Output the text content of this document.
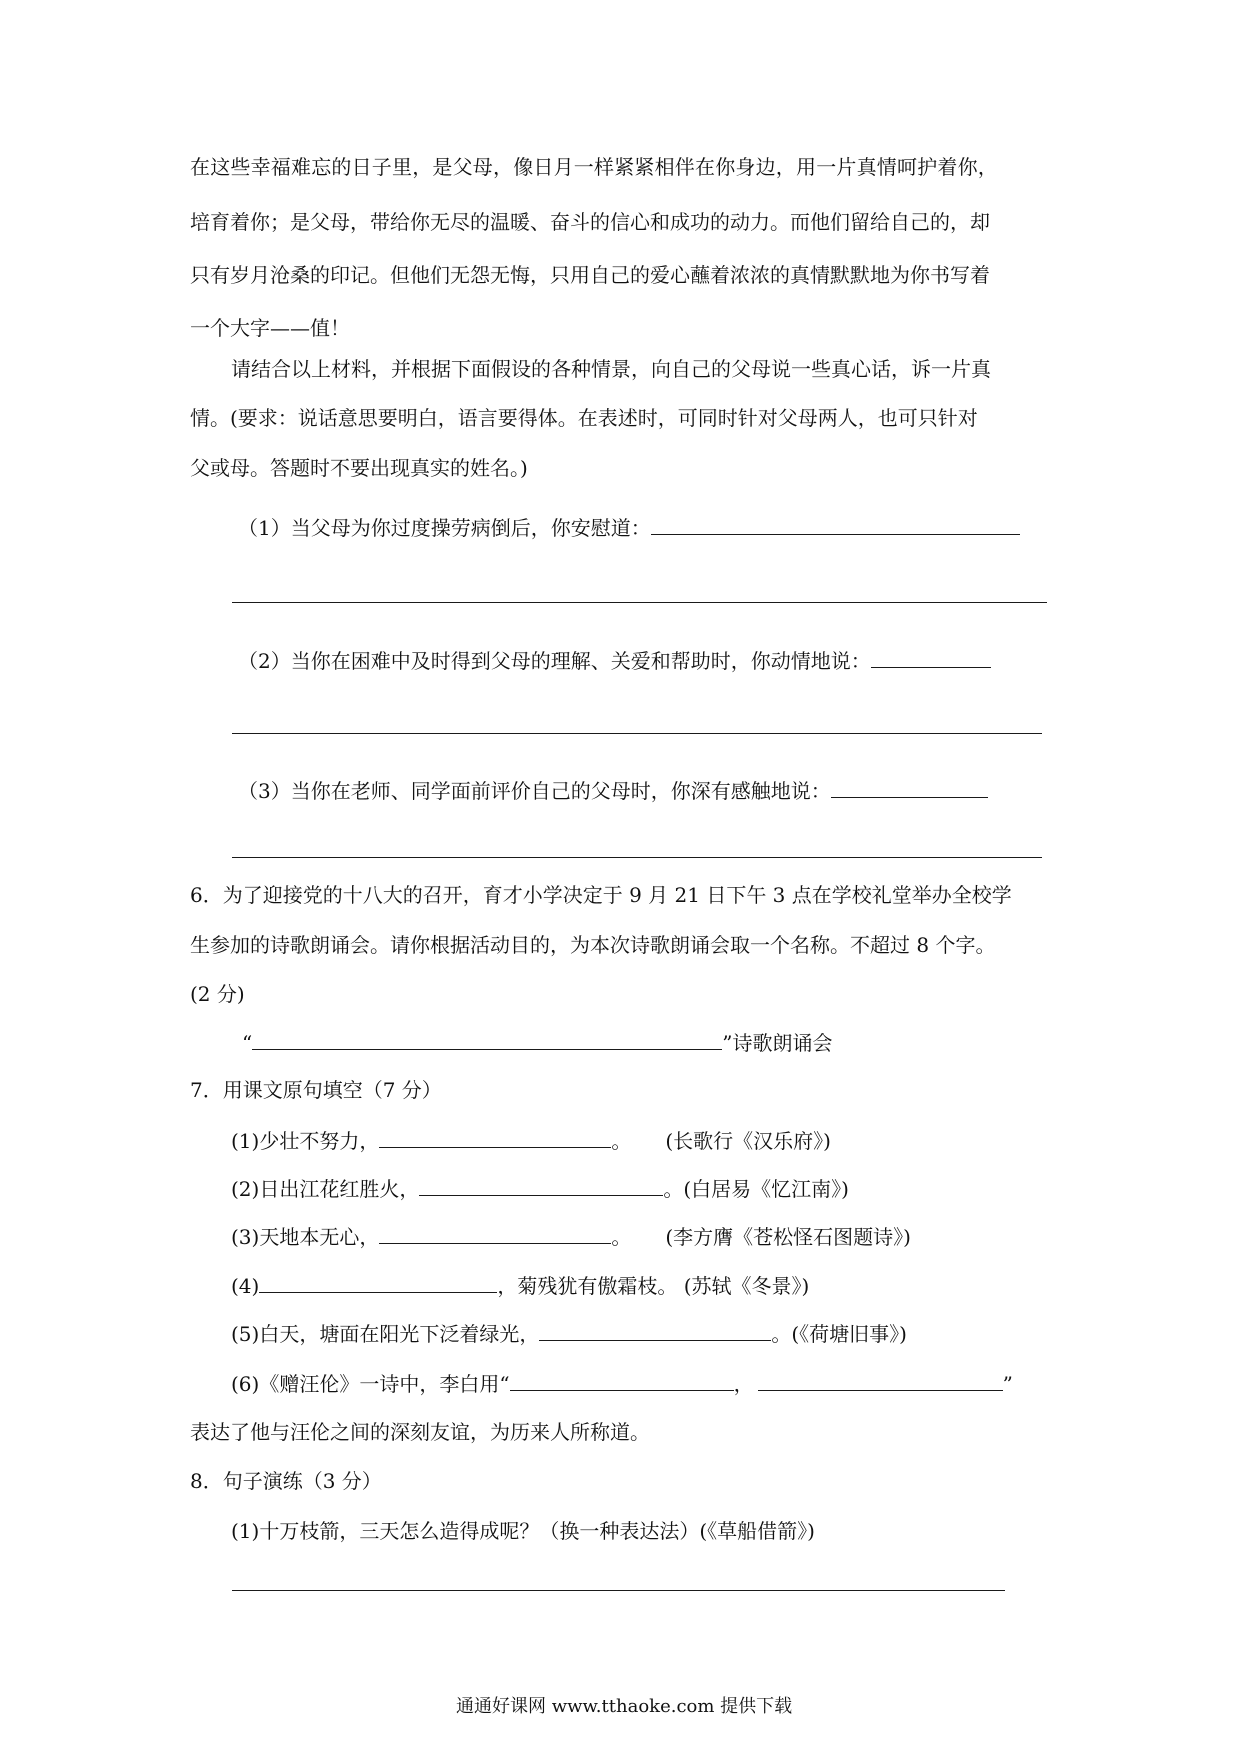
在这些幸福难忘的日子里，是父母，像日月一样紧紧相伴在你身边，用一片真情呵护着你，
培育着你；是父母，带给你无尽的温暖、奋斗的信心和成功的动力。而他们留给自己的，却
只有岁月沧桑的印记。但他们无怨无悔，只用自己的爱心蘸着浓浓的真情默默地为你书写着
一个大字——值！
请结合以上材料，并根据下面假设的各种情景，向自己的父母说一些真心话，诉一片真
情。(要求：说话意思要明白，语言要得体。在表述时，可同时针对父母两人，也可只针对
父或母。答题时不要出现真实的姓名。)
（1）当父母为你过度操劳病倒后，你安慰道：
（2）当你在困难中及时得到父母的理解、关爱和帮助时，你动情地说：
（3）当你在老师、同学面前评价自己的父母时，你深有感触地说：
6．为了迎接党的十八大的召开，育才小学决定于 9 月 21 日下午 3 点在学校礼堂举办全校学
生参加的诗歌朗诵会。请你根据活动目的，为本次诗歌朗诵会取一个名称。不超过 8 个字。
(2 分)
“	”诗歌朗诵会
7．用课文原句填空（7 分）
(1)少壮不努力，	。 (长歌行《汉乐府》)
(2)日出江花红胜火，	。(白居易《忆江南》)
(3)天地本无心，	。 (李方膺《苍松怪石图题诗》)
(4)	，菊残犹有傲霜枝。 (苏轼《冬景》)
(5)白天，塘面在阳光下泛着绿光，	。(《荷塘旧事》)
(6)《赠汪伦》一诗中，李白用“	，	”
表达了他与汪伦之间的深刻友谊，为历来人所称道。
8．句子演练（3 分）
(1)十万枝箭，三天怎么造得成呢？（换一种表达法）(《草船借箭》)
通通好课网 www.tthaoke.com 提供下载
